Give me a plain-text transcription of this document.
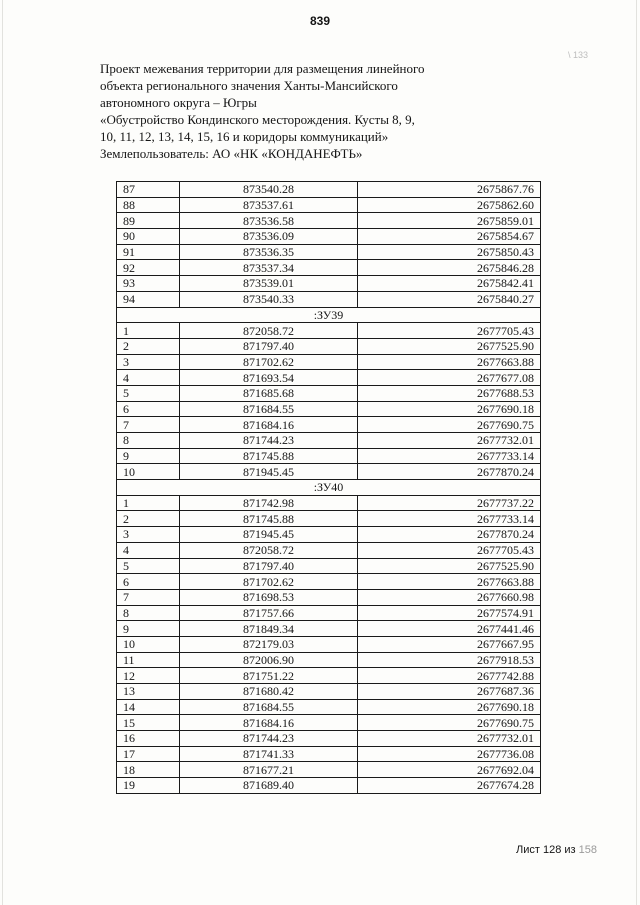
839
\ 133
Проект межевания территории для размещения линейного
объекта регионального значения Ханты-Мансийского
автономного округа – Югры
«Обустройство Кондинского месторождения. Кусты 8, 9,
10, 11, 12, 13, 14, 15, 16 и коридоры коммуникаций»
Землепользователь: АО «НК «КОНДАНЕФТЬ»
87	873540.28	2675867.76
88	873537.61	2675862.60
89	873536.58	2675859.01
90	873536.09	2675854.67
91	873536.35	2675850.43
92	873537.34	2675846.28
93	873539.01	2675842.41
94	873540.33	2675840.27
:ЗУ39		
1	872058.72	2677705.43
2	871797.40	2677525.90
3	871702.62	2677663.88
4	871693.54	2677677.08
5	871685.68	2677688.53
6	871684.55	2677690.18
7	871684.16	2677690.75
8	871744.23	2677732.01
9	871745.88	2677733.14
10	871945.45	2677870.24
:ЗУ40		
1	871742.98	2677737.22
2	871745.88	2677733.14
3	871945.45	2677870.24
4	872058.72	2677705.43
5	871797.40	2677525.90
6	871702.62	2677663.88
7	871698.53	2677660.98
8	871757.66	2677574.91
9	871849.34	2677441.46
10	872179.03	2677667.95
11	872006.90	2677918.53
12	871751.22	2677742.88
13	871680.42	2677687.36
14	871684.55	2677690.18
15	871684.16	2677690.75
16	871744.23	2677732.01
17	871741.33	2677736.08
18	871677.21	2677692.04
19	871689.40	2677674.28
Лист 128 из 158
